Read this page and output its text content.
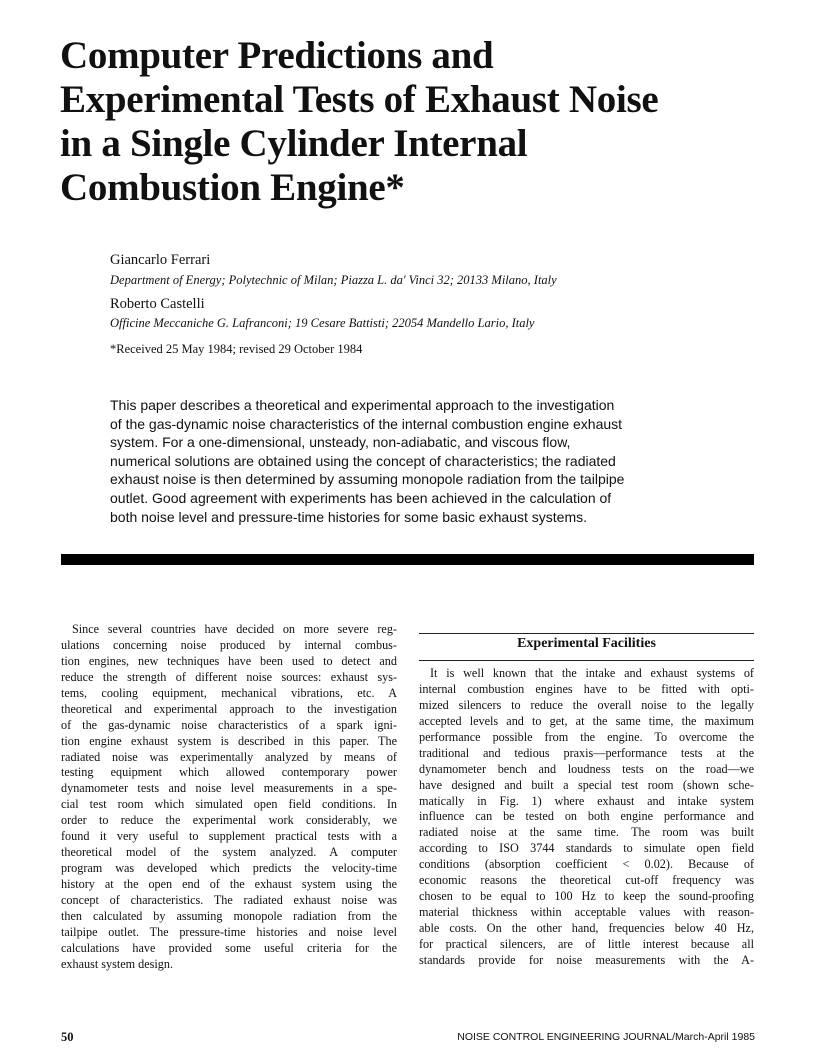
Computer Predictions and
Experimental Tests of Exhaust Noise
in a Single Cylinder Internal
Combustion Engine*
Giancarlo Ferrari
Department of Energy; Polytechnic of Milan; Piazza L. da' Vinci 32; 20133 Milano, Italy
Roberto Castelli
Officine Meccaniche G. Lafranconi; 19 Cesare Battisti; 22054 Mandello Lario, Italy
*Received 25 May 1984; revised 29 October 1984
This paper describes a theoretical and experimental approach to the investigation
of the gas-dynamic noise characteristics of the internal combustion engine exhaust
system. For a one-dimensional, unsteady, non-adiabatic, and viscous flow,
numerical solutions are obtained using the concept of characteristics; the radiated
exhaust noise is then determined by assuming monopole radiation from the tailpipe
outlet. Good agreement with experiments has been achieved in the calculation of
both noise level and pressure-time histories for some basic exhaust systems.
Since several countries have decided on more severe reg-
ulations concerning noise produced by internal combus-
tion engines, new techniques have been used to detect and
reduce the strength of different noise sources: exhaust sys-
tems, cooling equipment, mechanical vibrations, etc. A
theoretical and experimental approach to the investigation
of the gas-dynamic noise characteristics of a spark igni-
tion engine exhaust system is described in this paper. The
radiated noise was experimentally analyzed by means of
testing equipment which allowed contemporary power
dynamometer tests and noise level measurements in a spe-
cial test room which simulated open field conditions. In
order to reduce the experimental work considerably, we
found it very useful to supplement practical tests with a
theoretical model of the system analyzed. A computer
program was developed which predicts the velocity-time
history at the open end of the exhaust system using the
concept of characteristics. The radiated exhaust noise was
then calculated by assuming monopole radiation from the
tailpipe outlet. The pressure-time histories and noise level
calculations have provided some useful criteria for the
exhaust system design.
Experimental Facilities
It is well known that the intake and exhaust systems of
internal combustion engines have to be fitted with opti-
mized silencers to reduce the overall noise to the legally
accepted levels and to get, at the same time, the maximum
performance possible from the engine. To overcome the
traditional and tedious praxis—performance tests at the
dynamometer bench and loudness tests on the road—we
have designed and built a special test room (shown sche-
matically in Fig. 1) where exhaust and intake system
influence can be tested on both engine performance and
radiated noise at the same time. The room was built
according to ISO 3744 standards to simulate open field
conditions (absorption coefficient < 0.02). Because of
economic reasons the theoretical cut-off frequency was
chosen to be equal to 100 Hz to keep the sound-proofing
material thickness within acceptable values with reason-
able costs. On the other hand, frequencies below 40 Hz,
for practical silencers, are of little interest because all
standards provide for noise measurements with the A-
50	NOISE CONTROL ENGINEERING JOURNAL/March-April 1985
